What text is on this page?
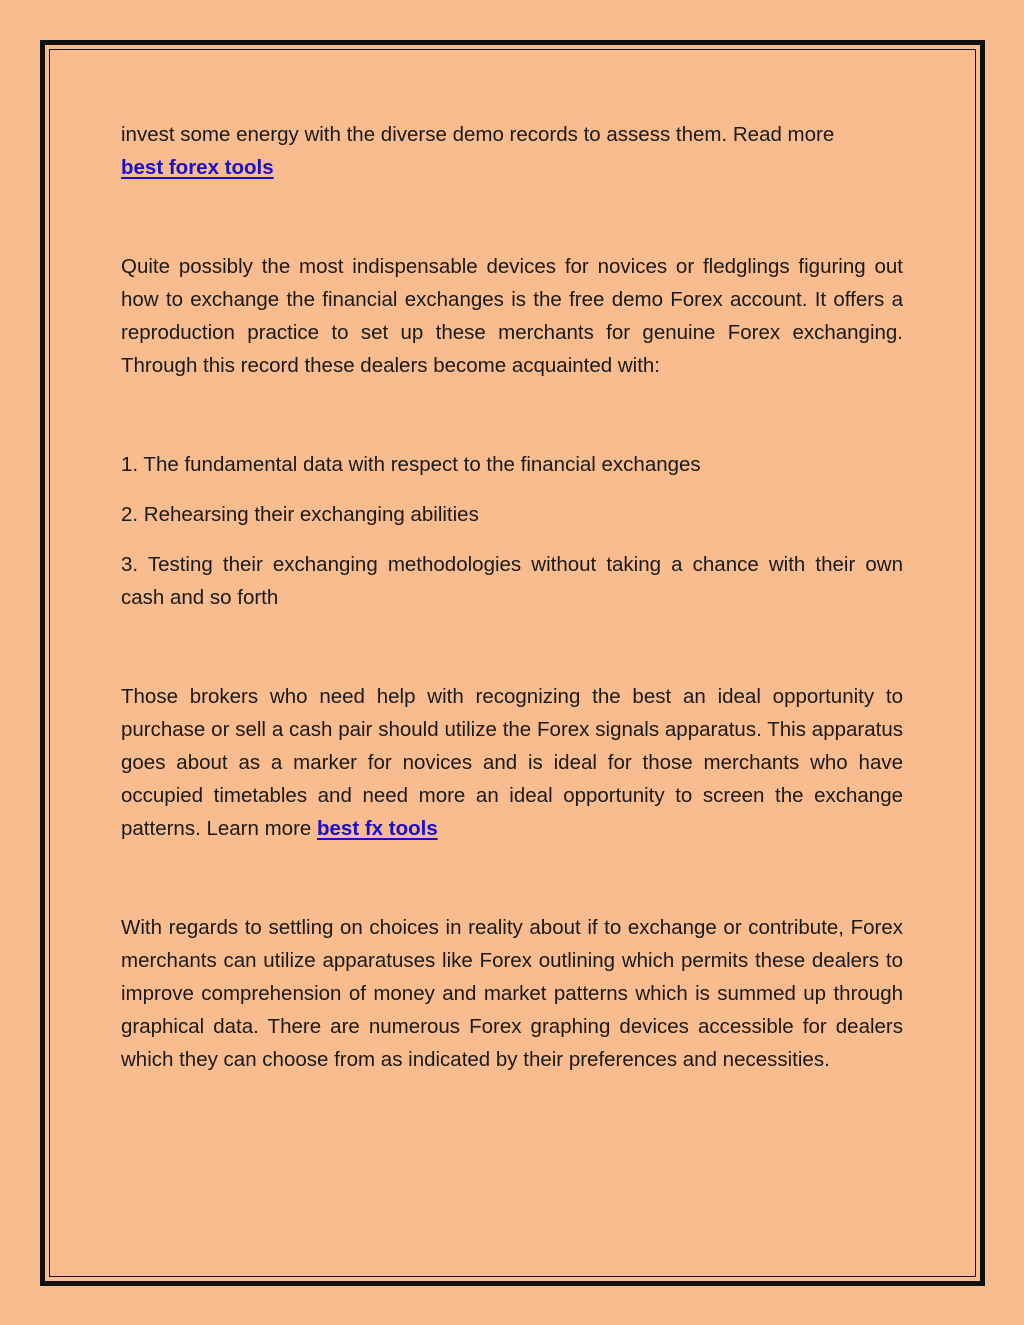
invest some energy with the diverse demo records to assess them. Read more
best forex tools

Quite possibly the most indispensable devices for novices or fledglings figuring out how to exchange the financial exchanges is the free demo Forex account. It offers a reproduction practice to set up these merchants for genuine Forex exchanging. Through this record these dealers become acquainted with:

1. The fundamental data with respect to the financial exchanges

2. Rehearsing their exchanging abilities

3. Testing their exchanging methodologies without taking a chance with their own cash and so forth

Those brokers who need help with recognizing the best an ideal opportunity to purchase or sell a cash pair should utilize the Forex signals apparatus. This apparatus goes about as a marker for novices and is ideal for those merchants who have occupied timetables and need more an ideal opportunity to screen the exchange patterns. Learn more best fx tools

With regards to settling on choices in reality about if to exchange or contribute, Forex merchants can utilize apparatuses like Forex outlining which permits these dealers to improve comprehension of money and market patterns which is summed up through graphical data. There are numerous Forex graphing devices accessible for dealers which they can choose from as indicated by their preferences and necessities.
